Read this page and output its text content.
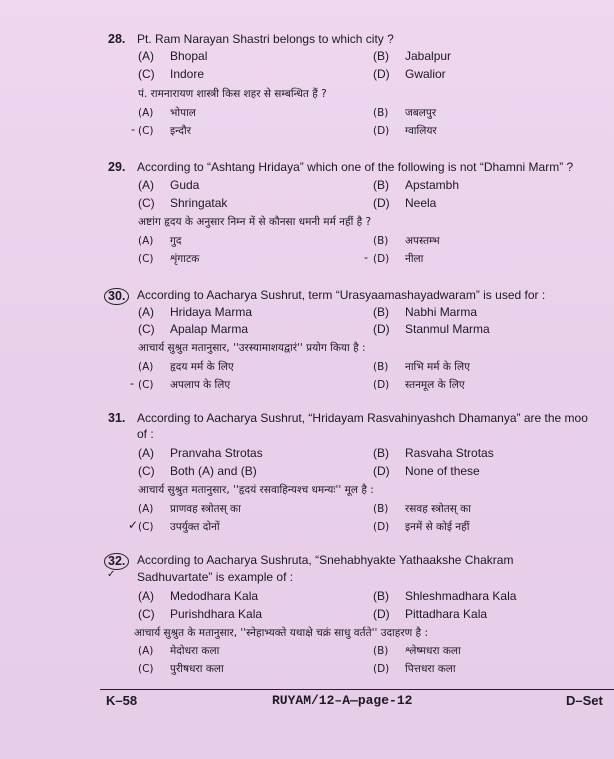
28. Pt. Ram Narayan Shastri belongs to which city ?
(A) Bhopal	(B) Jabalpur
(C) Indore	(D) Gwalior
पं. रामनारायण शास्त्री किस शहर से सम्बन्धित हैं ?
(A) भोपाल	(B) जबलपुर
(C) इन्दौर	(D) ग्वालियर
-
29. According to “Ashtang Hridaya” which one of the following is not “Dhamni Marm” ?
(A) Guda	(B) Apstambh
(C) Shringatak	(D) Neela
अष्टांग हृदय के अनुसार निम्न में से कौनसा धमनी मर्म नहीं है ?
(A) गुद	(B) अपस्तम्भ
(C) शृंगाटक	(D) नीला
-
30. According to Aacharya Sushrut, term “Urasyaamashayadwaram” is used for :
(A) Hridaya Marma	(B) Nabhi Marma
(C) Apalap Marma	(D) Stanmul Marma
आचार्य सुश्रुत मतानुसार, ''उरस्यामाशयद्वारं'' प्रयोग किया है :
(A) हृदय मर्म के लिए	(B) नाभि मर्म के लिए
(C) अपलाप के लिए	(D) स्तनमूल के लिए
-
31. According to Aacharya Sushrut, “Hridayam Rasvahinyashch Dhamanya” are the moo
of :
(A) Pranvaha Strotas	(B) Rasvaha Strotas
(C) Both (A) and (B)	(D) None of these
आचार्य सुश्रुत मतानुसार, ''हृदयं रसवाहिन्यश्च धमन्यः'' मूल है :
(A) प्राणवह स्त्रोतस् का	(B) रसवह स्त्रोतस् का
(C) उपर्युक्त दोनों	(D) इनमें से कोई नहीं
✓
32. According to Aacharya Sushruta, “Snehabhyakte Yathaakshe Chakram
Sadhuvartate” is example of :
(A) Medodhara Kala	(B) Shleshmadhara Kala
(C) Purishdhara Kala	(D) Pittadhara Kala
आचार्य सुश्रुत के मतानुसार, ''स्नेहाभ्यक्ते यथाक्षे चक्रं साधु वर्तते'' उदाहरण है :
(A) मेदोधरा कला	(B) श्लेष्मधरा कला
(C) पुरीषधरा कला	(D) पित्तधरा कला
✓
K–58	RUYAM/12–A—page-12	D–Set
